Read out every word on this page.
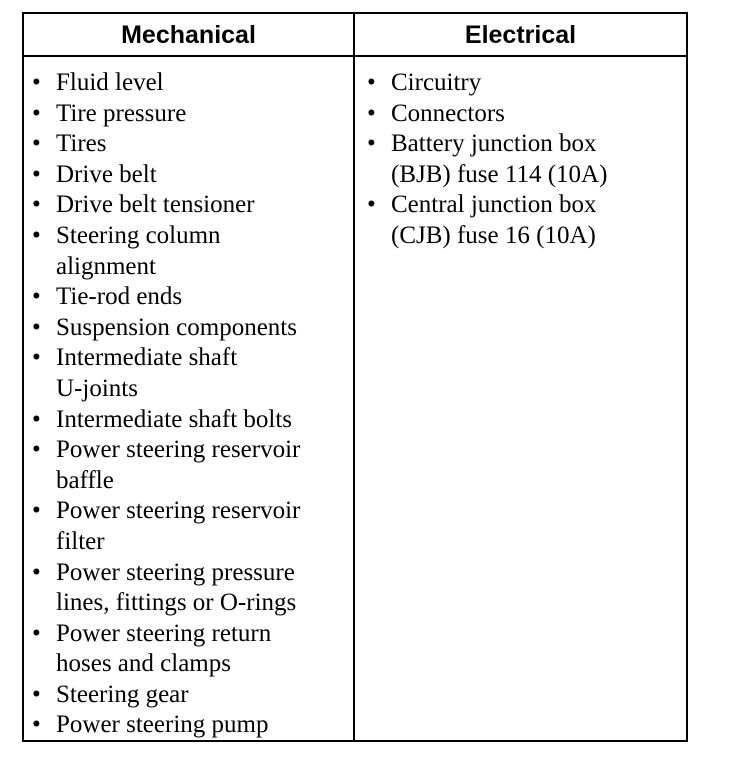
Mechanical	Electrical
• Fluid level
• Tire pressure
• Tires
• Drive belt
• Drive belt tensioner
• Steering column
alignment
• Tie-rod ends
• Suspension components
• Intermediate shaft
U-joints
• Intermediate shaft bolts
• Power steering reservoir
baffle
• Power steering reservoir
filter
• Power steering pressure
lines, fittings or O-rings
• Power steering return
hoses and clamps
• Steering gear
• Power steering pump
• Circuitry
• Connectors
• Battery junction box
(BJB) fuse 114 (10A)
• Central junction box
(CJB) fuse 16 (10A)
